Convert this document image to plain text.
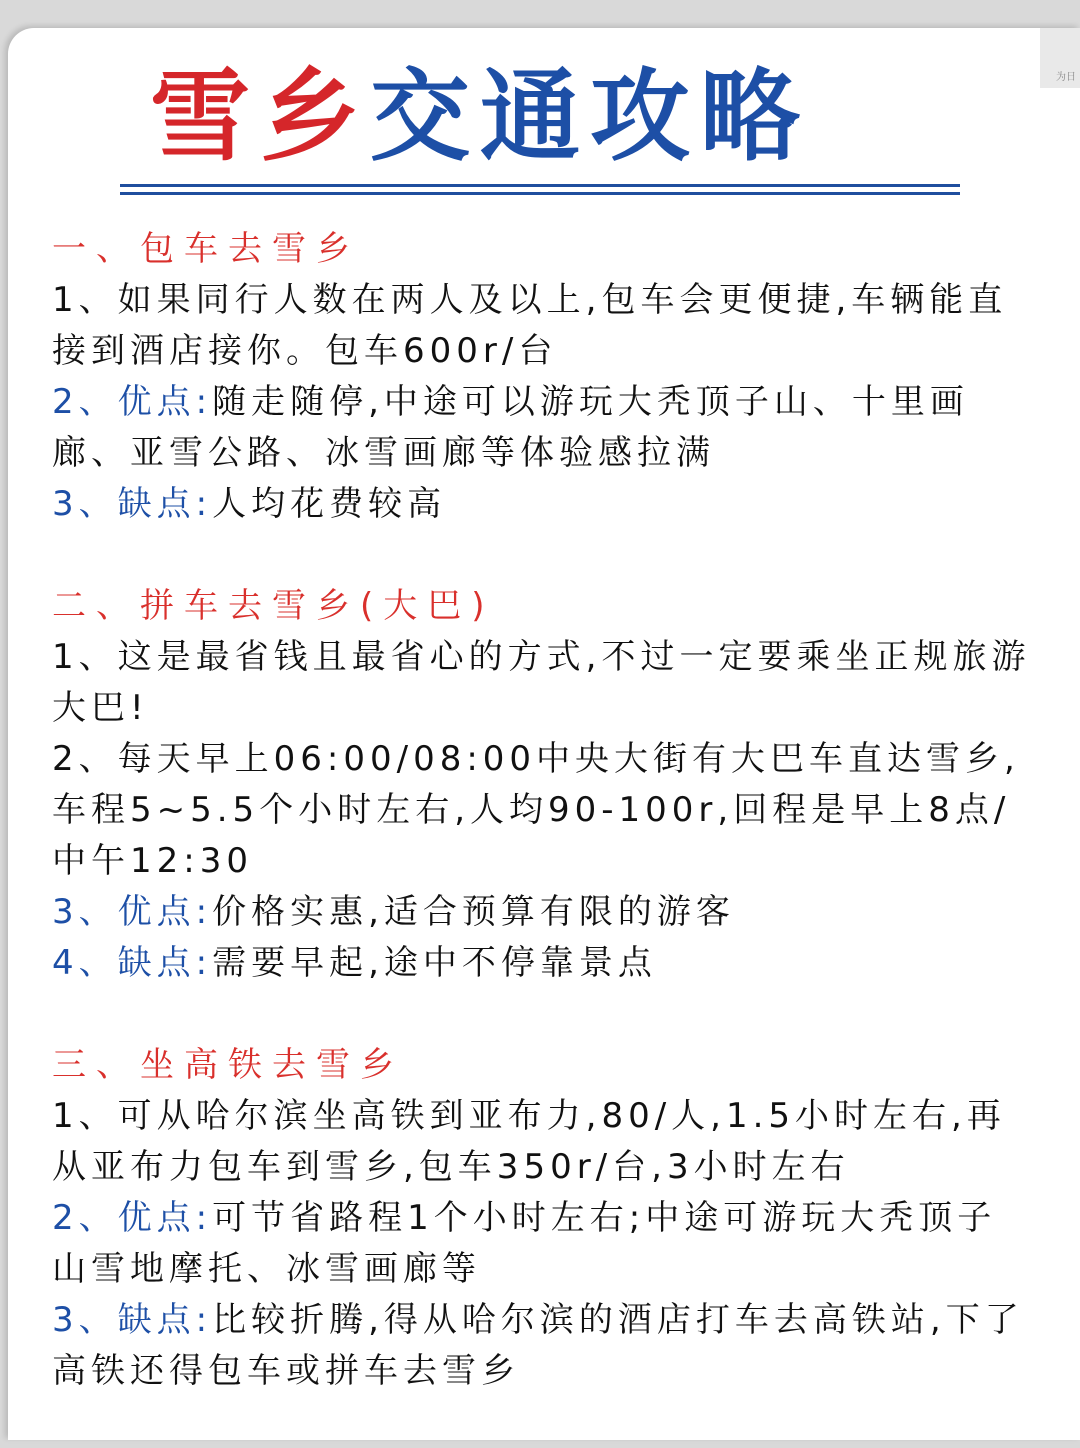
为日
雪乡交通攻略
一、包车去雪乡
1、如果同行人数在两人及以上,包车会更便捷,车辆能直接到酒店接你。包车600r/台
2、优点:随走随停,中途可以游玩大秃顶子山、十里画廊、亚雪公路、冰雪画廊等体验感拉满
3、缺点:人均花费较高
二、拼车去雪乡(大巴)
1、这是最省钱且最省心的方式,不过一定要乘坐正规旅游大巴!
2、每天早上06:00/08:00中央大街有大巴车直达雪乡,车程5~5.5个小时左右,人均90-100r,回程是早上8点/中午12:30
3、优点:价格实惠,适合预算有限的游客
4、缺点:需要早起,途中不停靠景点
三、坐高铁去雪乡
1、可从哈尔滨坐高铁到亚布力,80/人,1.5小时左右,再从亚布力包车到雪乡,包车350r/台,3小时左右
2、优点:可节省路程1个小时左右;中途可游玩大秃顶子山雪地摩托、冰雪画廊等
3、缺点:比较折腾,得从哈尔滨的酒店打车去高铁站,下了高铁还得包车或拼车去雪乡
